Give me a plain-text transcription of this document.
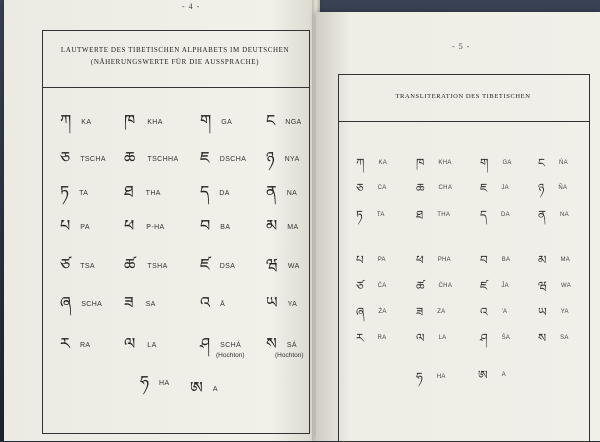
- 4 -
LAUTWERTE DES TIBETISCHEN ALPHABETS IM DEUTSCHEN
(NÄHERUNGSWERTE FÜR DIE AUSSPRACHE)
ཀ KA ཁ KHA ག GA ང NGA
ཅ TSCHA ཆ TSCHHA ཇ DSCHA ཉ NYA
ཏ TA ཐ THA ད DA ན NA
པ PA ཕ P-HA བ BA མ MA
ཙ TSA ཚ TSHA ཛ DSA ཝ WA
ཞ SCHA ཟ SA	འ Ā	ཡ YA
ར RA ལ LA	ཤ SCHÁ ས SÁ
(Hochton)	(Hochton)
ཧ HA ཨ A
- 5 -
TRANSLITERATION DES TIBETISCHEN
ཀ KA ཁ KHA ག GA ང ŃA
ཅ CA ཆ CHA ཇ JA ཉ ÑA
ཏ TA	ཐ THA ད DA ན NA
པ PA	ཕ PHA བ BA མ MA
ཙ ĆA ཚ ĆHA ཛ ĴA ཝ WA
ཞ ŹA ཟ ZA	འ 'A	ཡ YA
ར RA ལ LA	ཤ ŚA ས SA
ཧ HA	ཨ A
